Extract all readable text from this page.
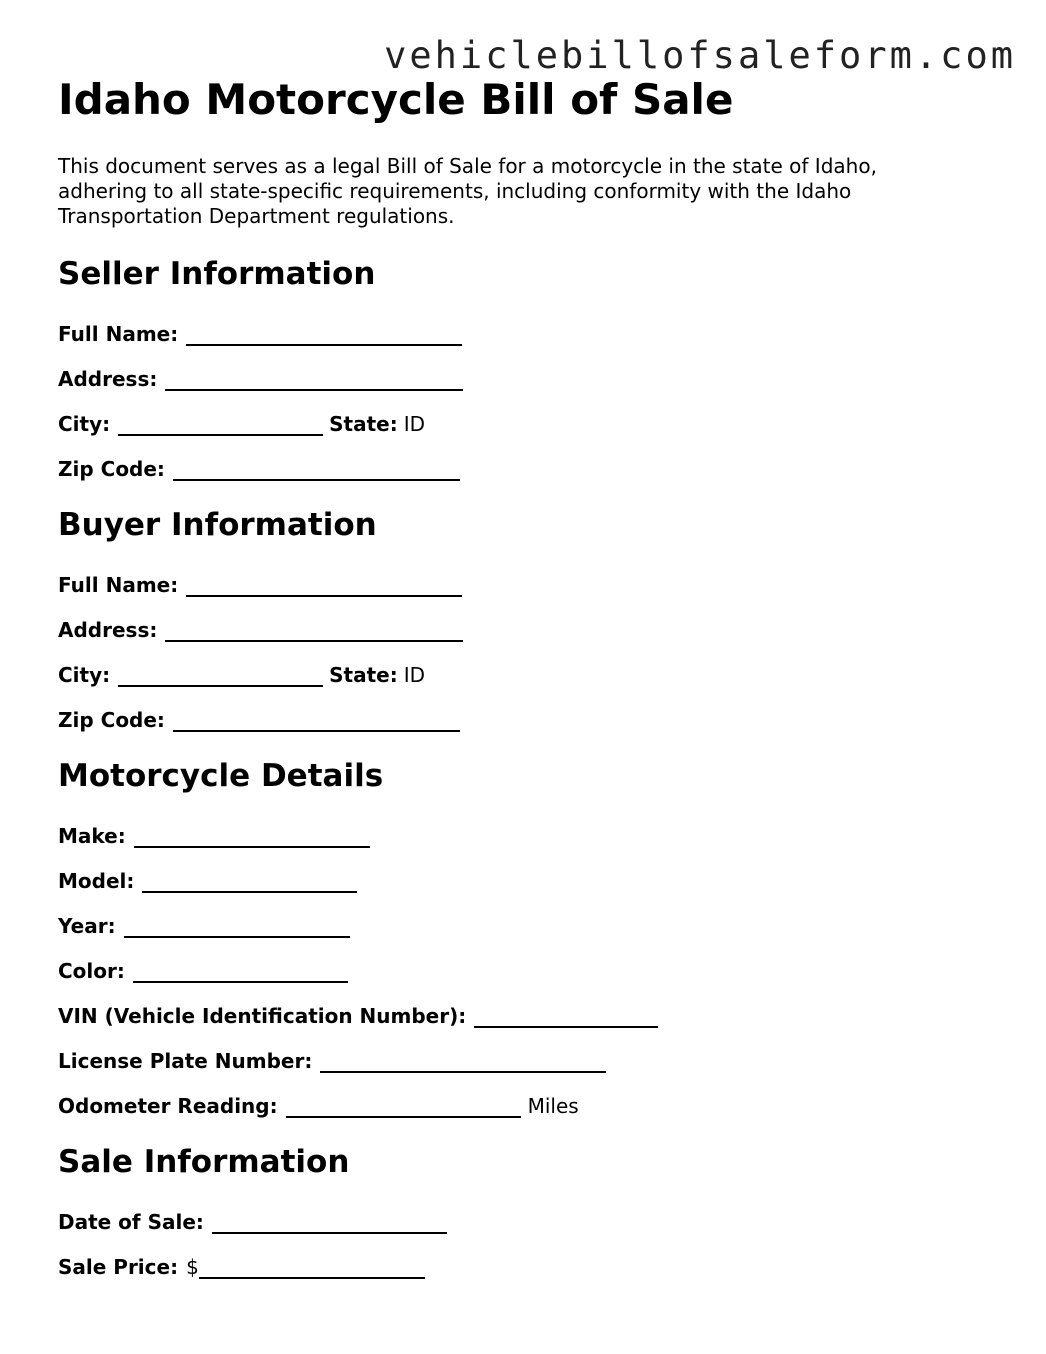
vehiclebillofsaleform.com
Idaho Motorcycle Bill of Sale

This document serves as a legal Bill of Sale for a motorcycle in the state of Idaho, adhering to all state-specific requirements, including conformity with the Idaho Transportation Department regulations.

Seller Information
Full Name:
Address:
City:	State: ID
Zip Code:
Buyer Information
Full Name:
Address:
City:	State: ID
Zip Code:
Motorcycle Details
Make:
Model:
Year:
Color:
VIN (Vehicle Identification Number):
License Plate Number:
Odometer Reading:	Miles
Sale Information
Date of Sale:
Sale Price: $
